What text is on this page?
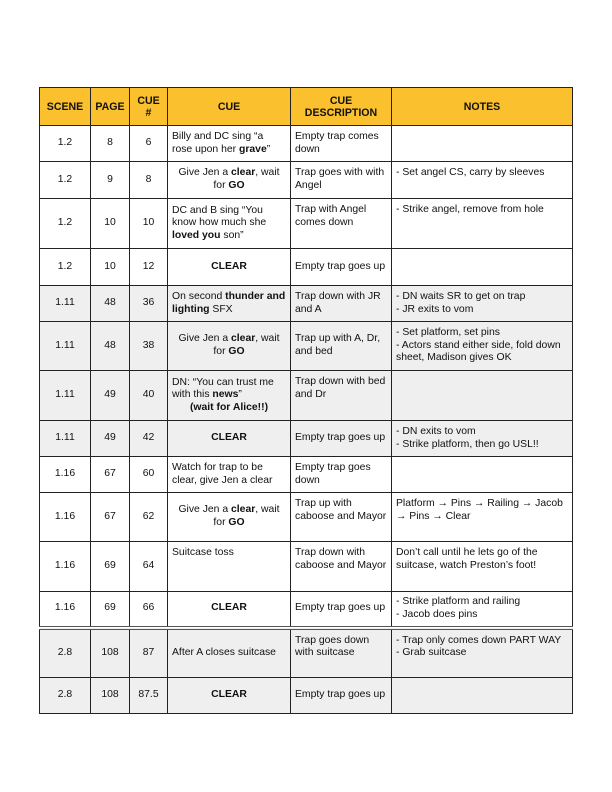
SCENE	PAGE	CUE #	CUE	CUE DESCRIPTION	NOTES
1.2	8	6	Billy and DC sing “a rose upon her grave”	Empty trap comes down	
1.2	9	8	Give Jen a clear, wait for GO	Trap goes with with Angel	- Set angel CS, carry by sleeves

1.2	10	10	DC and B sing “You know how much she loved you son”	Trap with Angel comes down	- Strike angel, remove from hole

1.2	10	12	CLEAR	Empty trap goes up	
1.11	48	36	On second thunder and lighting SFX	Trap down with JR and A	- DN waits SR to get on trap
- JR exits to vom

1.11	48	38	Give Jen a clear, wait for GO	Trap up with A, Dr, and bed	- Set platform, set pins
- Actors stand either side, fold down sheet, Madison gives OK

1.11	49	40	DN: “You can trust me with this news”
(wait for Alice!!)	Trap down with bed and Dr	
1.11	49	42	CLEAR	Empty trap goes up	- DN exits to vom
- Strike platform, then go USL!!

1.16	67	60	Watch for trap to be clear, give Jen a clear	Empty trap goes down	
1.16	67	62	Give Jen a clear, wait for GO	Trap up with caboose and Mayor	Platform → Pins → Railing → Jacob → Pins → Clear

1.16	69	64	Suitcase toss	Trap down with caboose and Mayor	Don’t call until he lets go of the suitcase, watch Preston’s foot!

1.16	69	66	CLEAR	Empty trap goes up	- Strike platform and railing
- Jacob does pins

2.8	108	87	After A closes suitcase	Trap goes down with suitcase	- Trap only comes down PART WAY
- Grab suitcase

2.8	108	87.5	CLEAR	Empty trap goes up	
